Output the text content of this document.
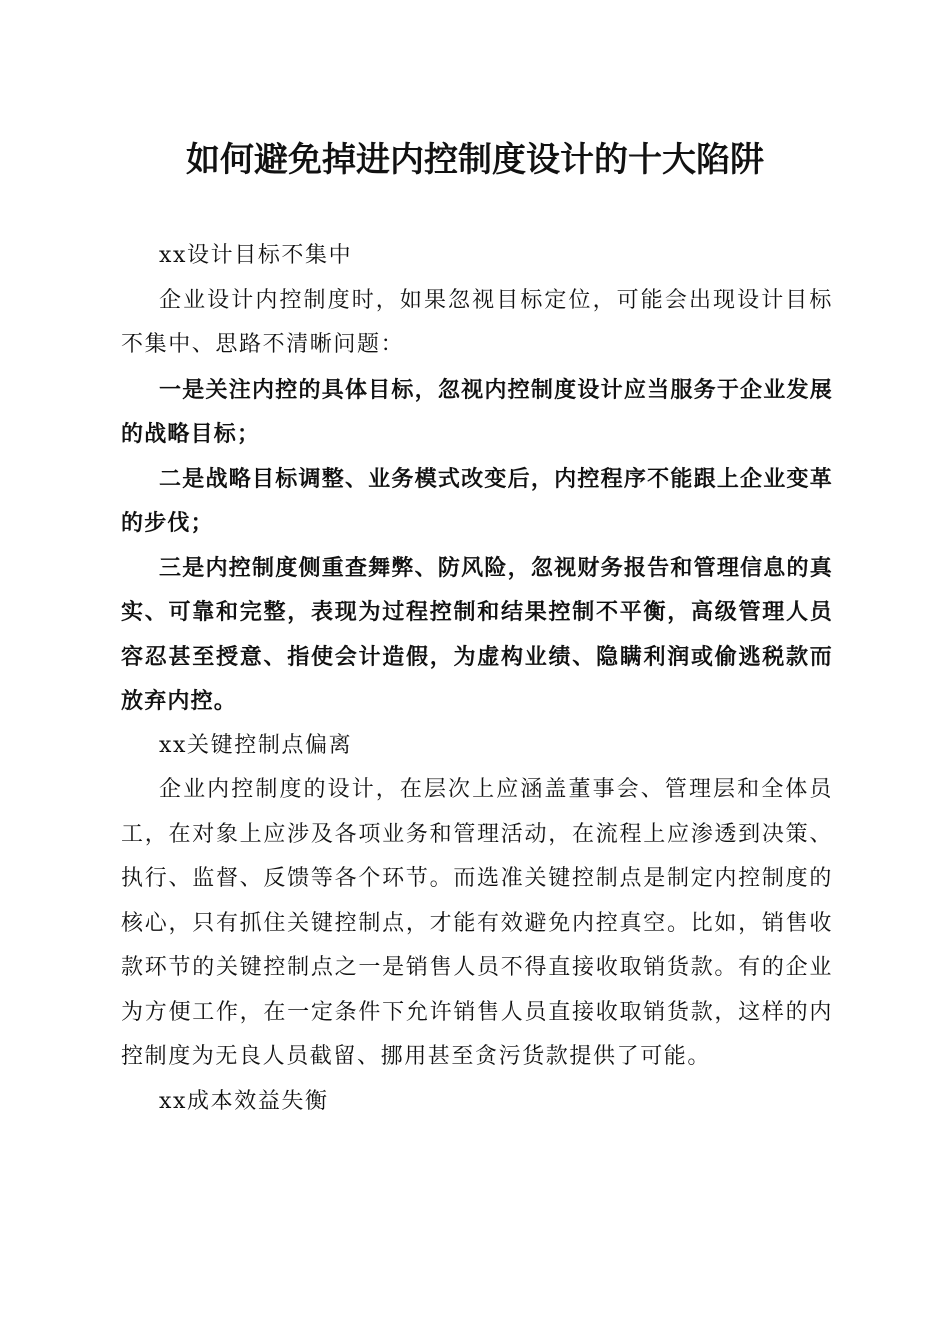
如何避免掉进内控制度设计的十大陷阱

xx设计目标不集中

企业设计内控制度时，如果忽视目标定位，可能会出现设计目标不集中、思路不清晰问题：

一是关注内控的具体目标，忽视内控制度设计应当服务于企业发展的战略目标；

二是战略目标调整、业务模式改变后，内控程序不能跟上企业变革的步伐；

三是内控制度侧重查舞弊、防风险，忽视财务报告和管理信息的真实、可靠和完整，表现为过程控制和结果控制不平衡，高级管理人员容忍甚至授意、指使会计造假，为虚构业绩、隐瞒利润或偷逃税款而放弃内控。

xx关键控制点偏离

企业内控制度的设计，在层次上应涵盖董事会、管理层和全体员工，在对象上应涉及各项业务和管理活动，在流程上应渗透到决策、执行、监督、反馈等各个环节。而选准关键控制点是制定内控制度的核心，只有抓住关键控制点，才能有效避免内控真空。比如，销售收款环节的关键控制点之一是销售人员不得直接收取销货款。有的企业为方便工作，在一定条件下允许销售人员直接收取销货款，这样的内控制度为无良人员截留、挪用甚至贪污货款提供了可能。

xx成本效益失衡
